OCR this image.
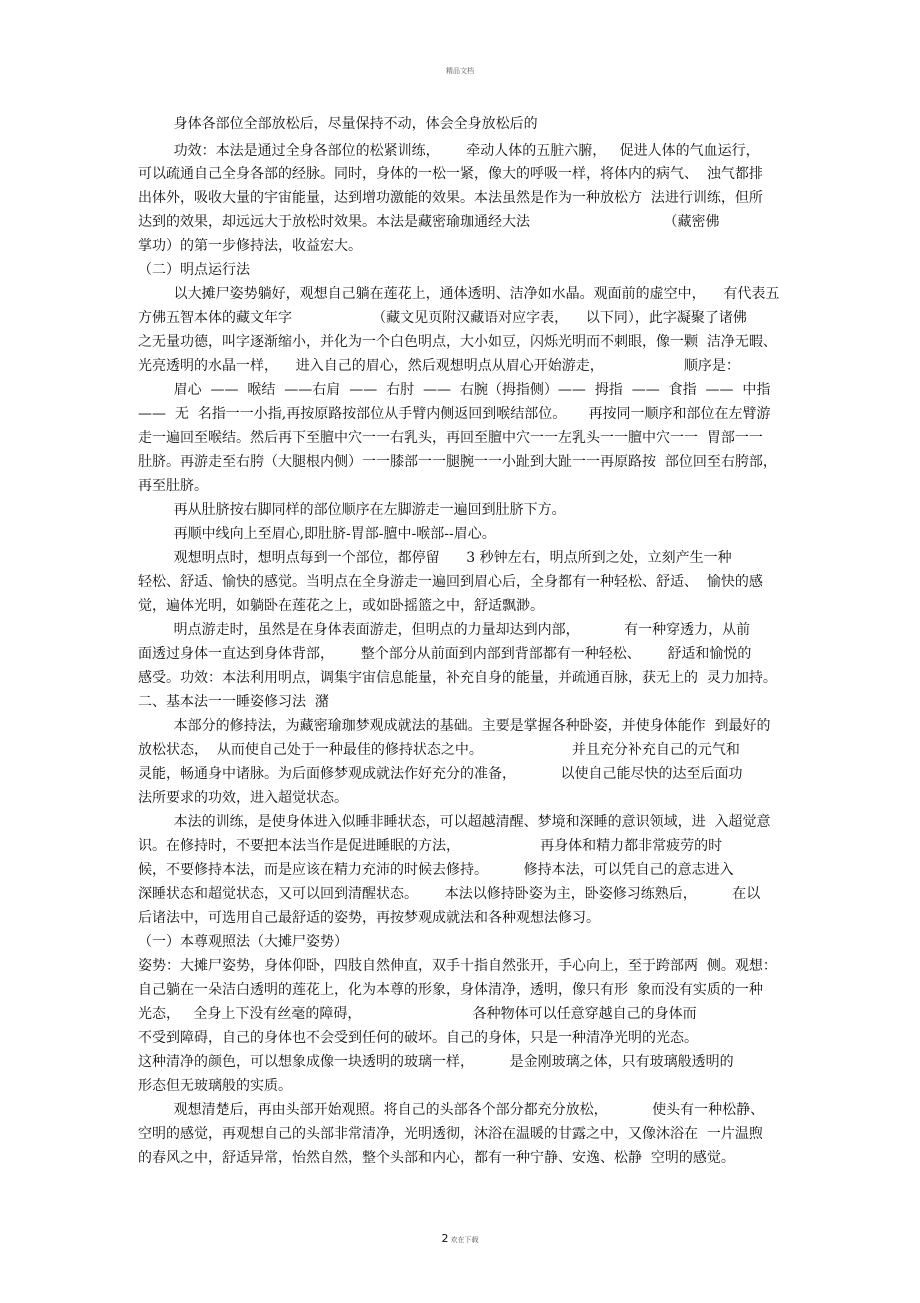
精品文档
身体各部位全部放松后，尽量保持不动，体会全身放松后的
功效：本法是通过全身各部位的松紧训练，      牵动人体的五脏六腑，   促进人体的气血运行，
可以疏通自己全身各部的经脉。同时，身体的一松一紧，像大的呼吸一样，将体内的病气、  浊气都排
出体外，吸收大量的宇宙能量，达到增功激能的效果。本法虽然是作为一种放松方  法进行训练，但所
达到的效果，却远远大于放松时效果。本法是藏密瑜珈通经大法                              （藏密佛
掌功）的第一步修持法，收益宏大。
（二）明点运行法
以大摊尸姿势躺好，观想自己躺在莲花上，通体透明、洁净如水晶。观面前的虚空中，    有代表五
方佛五智本体的藏文年字                  （藏文见页附汉藏语对应字表，    以下同），此字凝聚了诸佛
之无量功德，叫字逐渐缩小，并化为一个白色明点，大小如豆，闪烁光明而不刺眼，像一颗  洁净无暇、
光亮透明的水晶一样，    进入自己的眉心，然后观想明点从眉心开始游走，                  顺序是：
眉心  ——  喉结  ——右肩  ——  右肘  ——  右腕（拇指侧）——  拇指  ——  食指  ——  中指
——  无  名指一一小指,再按原路按部位从手臂内侧返回到喉结部位。     再按同一顺序和部位在左臂游
走一遍回至喉结。然后再下至膻中穴一一右乳头，再回至膻中穴一一左乳头一一膻中穴一一  胃部一一
肚脐。再游走至右胯（大腿根内侧）一一膝部一一腿腕一一小趾到大趾一一再原路按  部位回至右胯部，
再至肚脐。
再从肚脐按右脚同样的部位顺序在左脚游走一遍回到肚脐下方。
再顺中线向上至眉心,即肚脐-胃部-膻中-喉部--眉心。
观想明点时，想明点每到一个部位，都停留      3 秒钟左右，明点所到之处，立刻产生一种
轻松、舒适、愉快的感觉。当明点在全身游走一遍回到眉心后，全身都有一种轻松、舒适、  愉快的感
觉，遍体光明，如躺卧在莲花之上，或如卧摇篮之中，舒适飘渺。
明点游走时，虽然是在身体表面游走，但明点的力量却达到内部，          有一种穿透力，从前
面透过身体一直达到身体背部，      整个部分从前面到内部到背部都有一种轻松、      舒适和愉悦的
感受。功效：本法利用明点，调集宇宙信息能量，补充自身的能量，并疏通百脉，获无上的  灵力加持。
二、基本法一一睡姿修习法  潴
本部分的修持法，为藏密瑜珈梦观成就法的基础。主要是掌握各种卧姿，并使身体能作  到最好的
放松状态，  从而使自己处于一种最佳的修持状态之中。                    并且充分补充自己的元气和
灵能，畅通身中诸脉。为后面修梦观成就法作好充分的准备，          以使自己能尽快的达至后面功
法所要求的功效，进入超觉状态。
本法的训练，是使身体进入似睡非睡状态，可以超越清醒、梦境和深睡的意识领域，进  入超觉意
识。在修持时，不要把本法当作是促进睡眠的方法，                  再身体和精力都非常疲劳的时
候，不要修持本法，而是应该在精力充沛的时候去修持。        修持本法，可以凭自己的意志进入
深睡状态和超觉状态，又可以回到清醒状态。      本法以修持卧姿为主，卧姿修习练熟后，        在以
后诸法中，可选用自己最舒适的姿势，再按梦观成就法和各种观想法修习。
（一）本尊观照法（大摊尸姿势）
姿势：大摊尸姿势，身体仰卧，四肢自然伸直，双手十指自然张开，手心向上，至于跨部两  侧。观想：
自己躺在一朵洁白透明的莲花上，化为本尊的形象，身体清净，透明，像只有形  象而没有实质的一种
光态，   全身上下没有丝毫的障碍，                         各种物体可以任意穿越自己的身体而
不受到障碍，自己的身体也不会受到任何的破坏。自己的身体，只是一种清净光明的光态。
这种清净的颜色，可以想象成像一块透明的玻璃一样，        是金刚玻璃之体，只有玻璃般透明的
形态但无玻璃般的实质。
观想清楚后，再由头部开始观照。将自己的头部各个部分都充分放松，          使头有一种松静、
空明的感觉，再观想自己的头部非常清净，光明透彻，沐浴在温暖的甘露之中，又像沐浴在  一片温煦
的春风之中，舒适异常，怡然自然，整个头部和内心，都有一种宁静、安逸、松静  空明的感觉。
2 欢在下载
